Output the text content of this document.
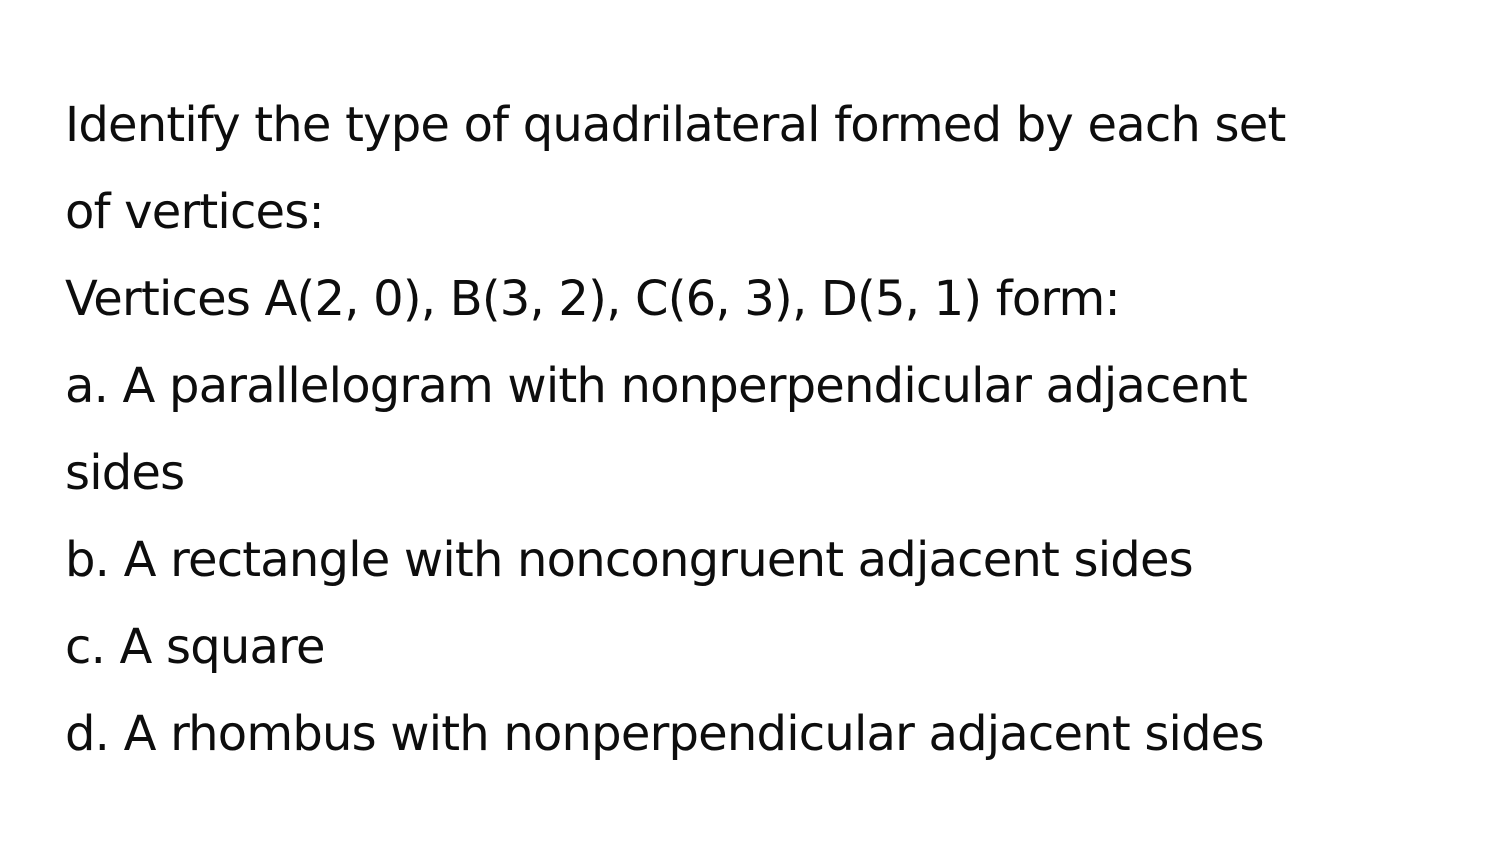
Identify the type of quadrilateral formed by each set
of vertices:
Vertices A(2, 0), B(3, 2), C(6, 3), D(5, 1) form:
a. A parallelogram with nonperpendicular adjacent
sides
b. A rectangle with noncongruent adjacent sides
c. A square
d. A rhombus with nonperpendicular adjacent sides
